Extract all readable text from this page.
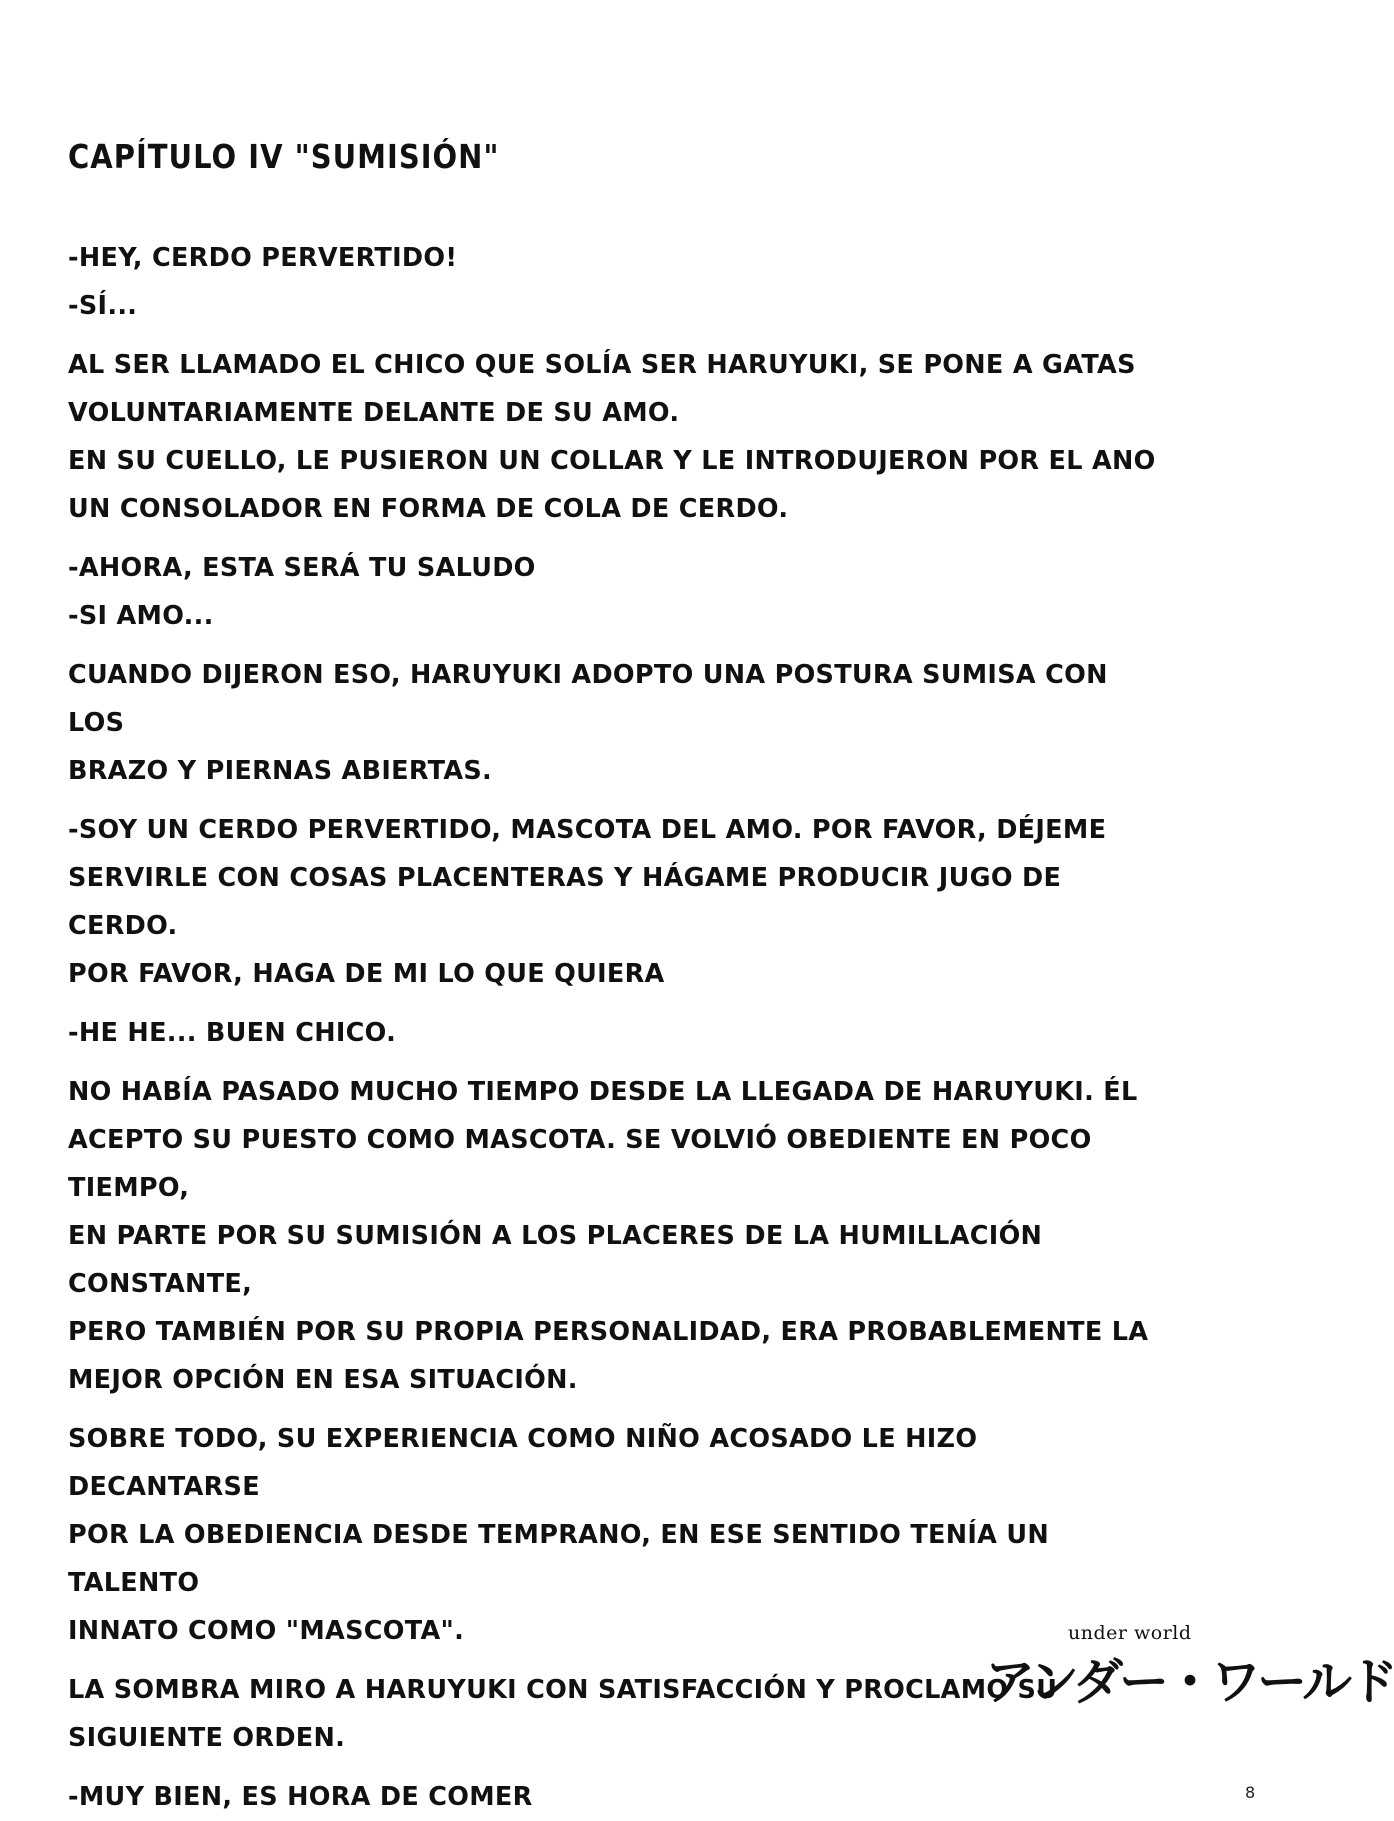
CAPÍTULO IV "SUMISIÓN"
-HEY, CERDO PERVERTIDO!
-SÍ...
AL SER LLAMADO EL CHICO QUE SOLÍA SER HARUYUKI, SE PONE A GATAS
VOLUNTARIAMENTE DELANTE DE SU AMO.
EN SU CUELLO, LE PUSIERON UN COLLAR Y LE INTRODUJERON POR EL ANO
UN CONSOLADOR EN FORMA DE COLA DE CERDO.
-AHORA, ESTA SERÁ TU SALUDO
-SI AMO...
CUANDO DIJERON ESO, HARUYUKI ADOPTO UNA POSTURA SUMISA CON LOS
BRAZO Y PIERNAS ABIERTAS.
-SOY UN CERDO PERVERTIDO, MASCOTA DEL AMO. POR FAVOR, DÉJEME
SERVIRLE CON COSAS PLACENTERAS Y HÁGAME PRODUCIR JUGO DE CERDO.
POR FAVOR, HAGA DE MI LO QUE QUIERA
-HE HE... BUEN CHICO.
NO HABÍA PASADO MUCHO TIEMPO DESDE LA LLEGADA DE HARUYUKI. ÉL
ACEPTO SU PUESTO COMO MASCOTA. SE VOLVIÓ OBEDIENTE EN POCO TIEMPO,
EN PARTE POR SU SUMISIÓN A LOS PLACERES DE LA HUMILLACIÓN CONSTANTE,
PERO TAMBIÉN POR SU PROPIA PERSONALIDAD, ERA PROBABLEMENTE LA
MEJOR OPCIÓN EN ESA SITUACIÓN.
SOBRE TODO, SU EXPERIENCIA COMO NIÑO ACOSADO LE HIZO DECANTARSE
POR LA OBEDIENCIA DESDE TEMPRANO, EN ESE SENTIDO TENÍA UN TALENTO
INNATO COMO "MASCOTA".
LA SOMBRA MIRO A HARUYUKI CON SATISFACCIÓN Y PROCLAMO SU
SIGUIENTE ORDEN.
-MUY BIEN, ES HORA DE COMER
under world
アンダー・ワールド
8
